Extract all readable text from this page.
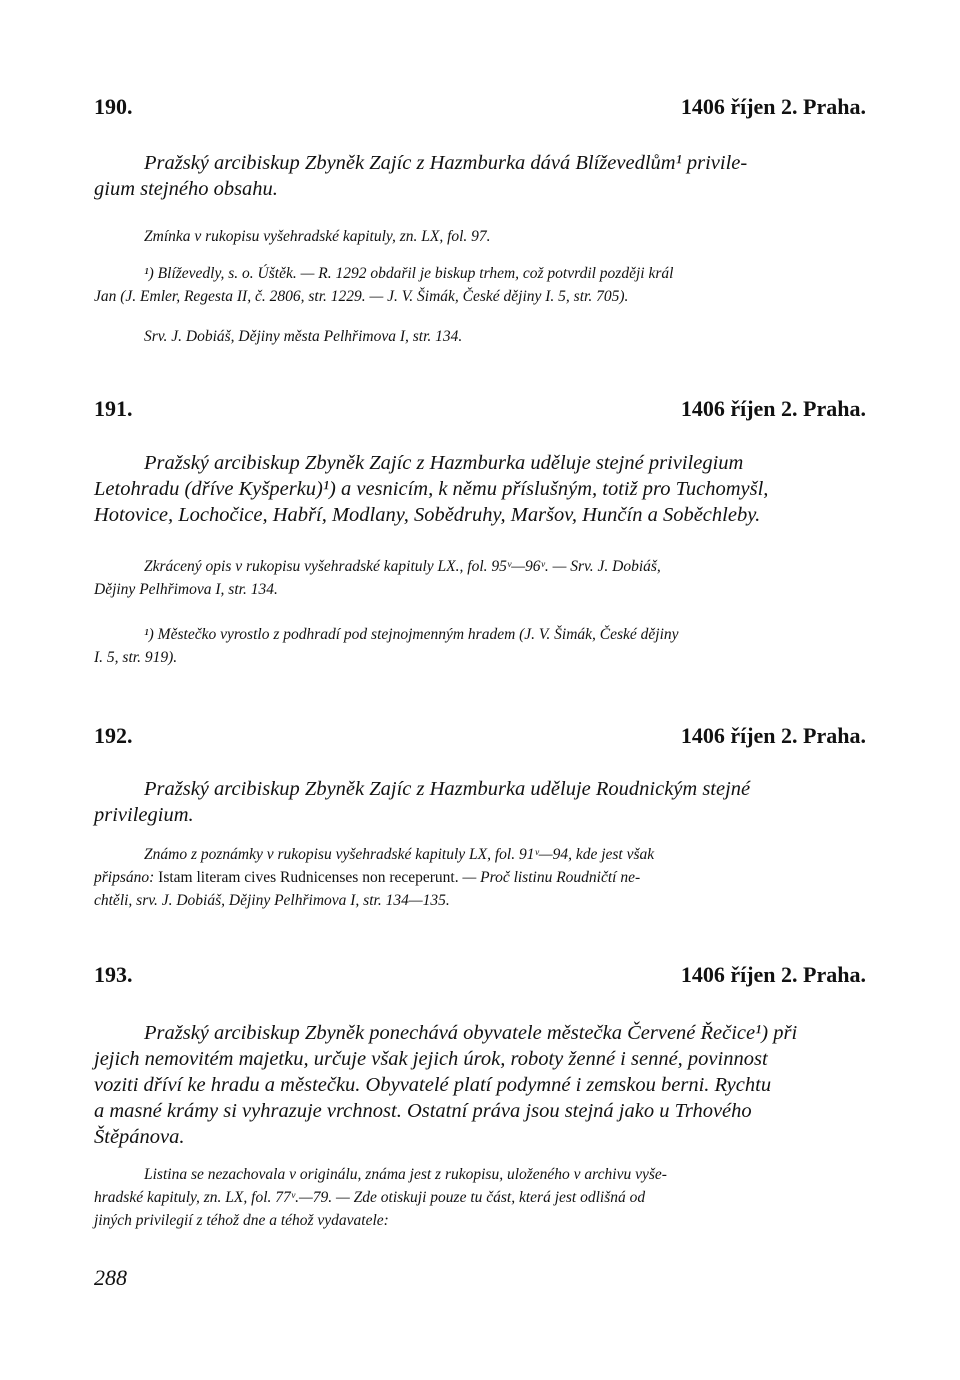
190.	1406 říjen 2. Praha.
Pražský arcibiskup Zbyněk Zajíc z Hazmburka dává Blíževedlům¹ privile-
gium stejného obsahu.
Zmínka v rukopisu vyšehradské kapituly, zn. LX, fol. 97.
¹) Blíževedly, s. o. Úštěk. — R. 1292 obdařil je biskup trhem, což potvrdil později král
Jan (J. Emler, Regesta II, č. 2806, str. 1229. — J. V. Šimák, České dějiny I. 5, str. 705).
Srv. J. Dobiáš, Dějiny města Pelhřimova I, str. 134.
191.	1406 říjen 2. Praha.
Pražský arcibiskup Zbyněk Zajíc z Hazmburka uděluje stejné privilegium
Letohradu (dříve Kyšperku)¹) a vesnicím, k němu příslušným, totiž pro Tuchomyšl,
Hotovice, Lochočice, Habří, Modlany, Sobědruhy, Maršov, Hunčín a Soběchleby.
Zkrácený opis v rukopisu vyšehradské kapituly LX., fol. 95ᵛ—96ᵛ. — Srv. J. Dobiáš,
Dějiny Pelhřimova I, str. 134.
¹) Městečko vyrostlo z podhradí pod stejnojmenným hradem (J. V. Šimák, České dějiny
I. 5, str. 919).
192.	1406 říjen 2. Praha.
Pražský arcibiskup Zbyněk Zajíc z Hazmburka uděluje Roudnickým stejné
privilegium.
Známo z poznámky v rukopisu vyšehradské kapituly LX, fol. 91ᵛ—94, kde jest však
připsáno: Istam literam cives Rudnicenses non receperunt. — Proč listinu Roudničtí ne-
chtěli, srv. J. Dobiáš, Dějiny Pelhřimova I, str. 134—135.
193.	1406 říjen 2. Praha.
Pražský arcibiskup Zbyněk ponechává obyvatele městečka Červené Řečice¹) při
jejich nemovitém majetku, určuje však jejich úrok, roboty ženné i senné, povinnost
voziti dříví ke hradu a městečku. Obyvatelé platí podymné i zemskou berni. Rychtu
a masné krámy si vyhrazuje vrchnost. Ostatní práva jsou stejná jako u Trhového
Štěpánova.
Listina se nezachovala v originálu, známa jest z rukopisu, uloženého v archivu vyše-
hradské kapituly, zn. LX, fol. 77ᵛ.—79. — Zde otiskuji pouze tu část, která jest odlišná od
jiných privilegií z téhož dne a téhož vydavatele:
288
